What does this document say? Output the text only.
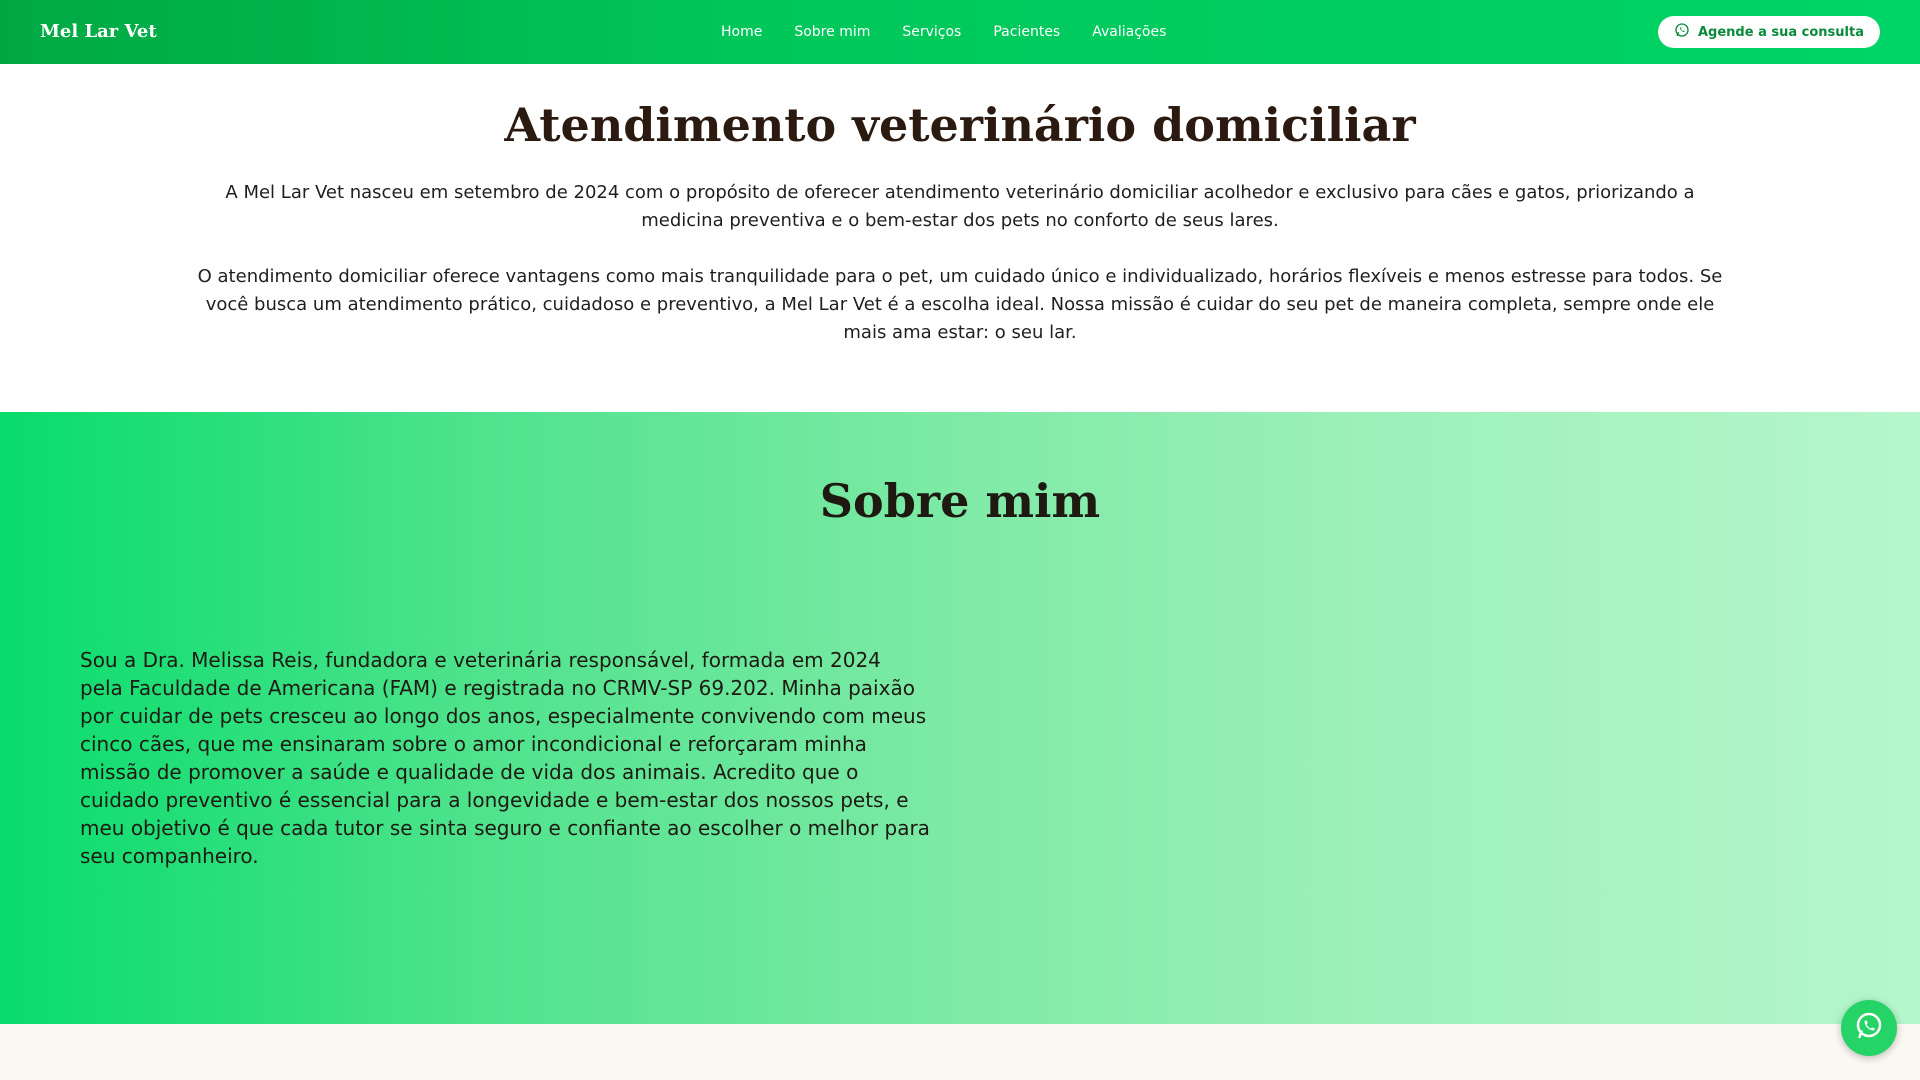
Mel Lar Vet	Home Sobre mim Serviços Pacientes Avaliações	Agende a sua consulta
Atendimento veterinário domiciliar

A Mel Lar Vet nasceu em setembro de 2024 com o propósito de oferecer atendimento veterinário domiciliar acolhedor e exclusivo para cães e gatos, priorizando a medicina preventiva e o bem-estar dos pets no conforto de seus lares.

O atendimento domiciliar oferece vantagens como mais tranquilidade para o pet, um cuidado único e individualizado, horários flexíveis e menos estresse para todos. Se você busca um atendimento prático, cuidadoso e preventivo, a Mel Lar Vet é a escolha ideal. Nossa missão é cuidar do seu pet de maneira completa, sempre onde ele mais ama estar: o seu lar.

Sobre mim

Sou a Dra. Melissa Reis, fundadora e veterinária responsável, formada em 2024 pela Faculdade de Americana (FAM) e registrada no CRMV-SP 69.202. Minha paixão por cuidar de pets cresceu ao longo dos anos, especialmente convivendo com meus cinco cães, que me ensinaram sobre o amor incondicional e reforçaram minha missão de promover a saúde e qualidade de vida dos animais. Acredito que o cuidado preventivo é essencial para a longevidade e bem-estar dos nossos pets, e meu objetivo é que cada tutor se sinta seguro e confiante ao escolher o melhor para seu companheiro.
